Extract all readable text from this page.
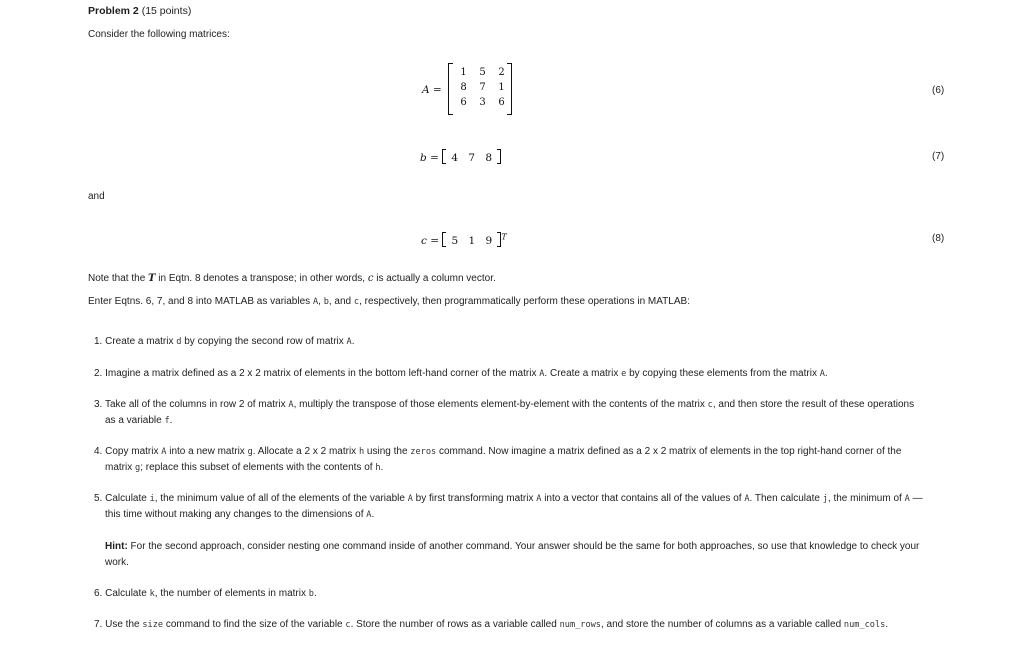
Problem 2 (15 points)
Consider the following matrices:
A =
1	5	2
8	7	1
6	3	6
(6)
b = 4 7 8	(7)
and
c = 5 1 9 $^T$	(8)
Note that the T in Eqtn. 8 denotes a transpose; in other words, c is actually a column vector.
Enter Eqtns. 6, 7, and 8 into MATLAB as variables A, b, and c, respectively, then programmatically perform these operations in MATLAB:
1. Create a matrix d by copying the second row of matrix A.
2. Imagine a matrix defined as a 2 x 2 matrix of elements in the bottom left-hand corner of the matrix A. Create a matrix e by copying these elements from the matrix A.
3. Take all of the columns in row 2 of matrix A, multiply the transpose of those elements element-by-element with the contents of the matrix c, and then store the result of these operations
as a variable f.
4. Copy matrix A into a new matrix g. Allocate a 2 x 2 matrix h using the zeros command. Now imagine a matrix defined as a 2 x 2 matrix of elements in the top right-hand corner of the
matrix g; replace this subset of elements with the contents of h.
5. Calculate i, the minimum value of all of the elements of the variable A by first transforming matrix A into a vector that contains all of the values of A. Then calculate j, the minimum of A —
this time without making any changes to the dimensions of A.
Hint: For the second approach, consider nesting one command inside of another command. Your answer should be the same for both approaches, so use that knowledge to check your
work.
6. Calculate k, the number of elements in matrix b.
7. Use the size command to find the size of the variable c. Store the number of rows as a variable called num_rows, and store the number of columns as a variable called num_cols.
